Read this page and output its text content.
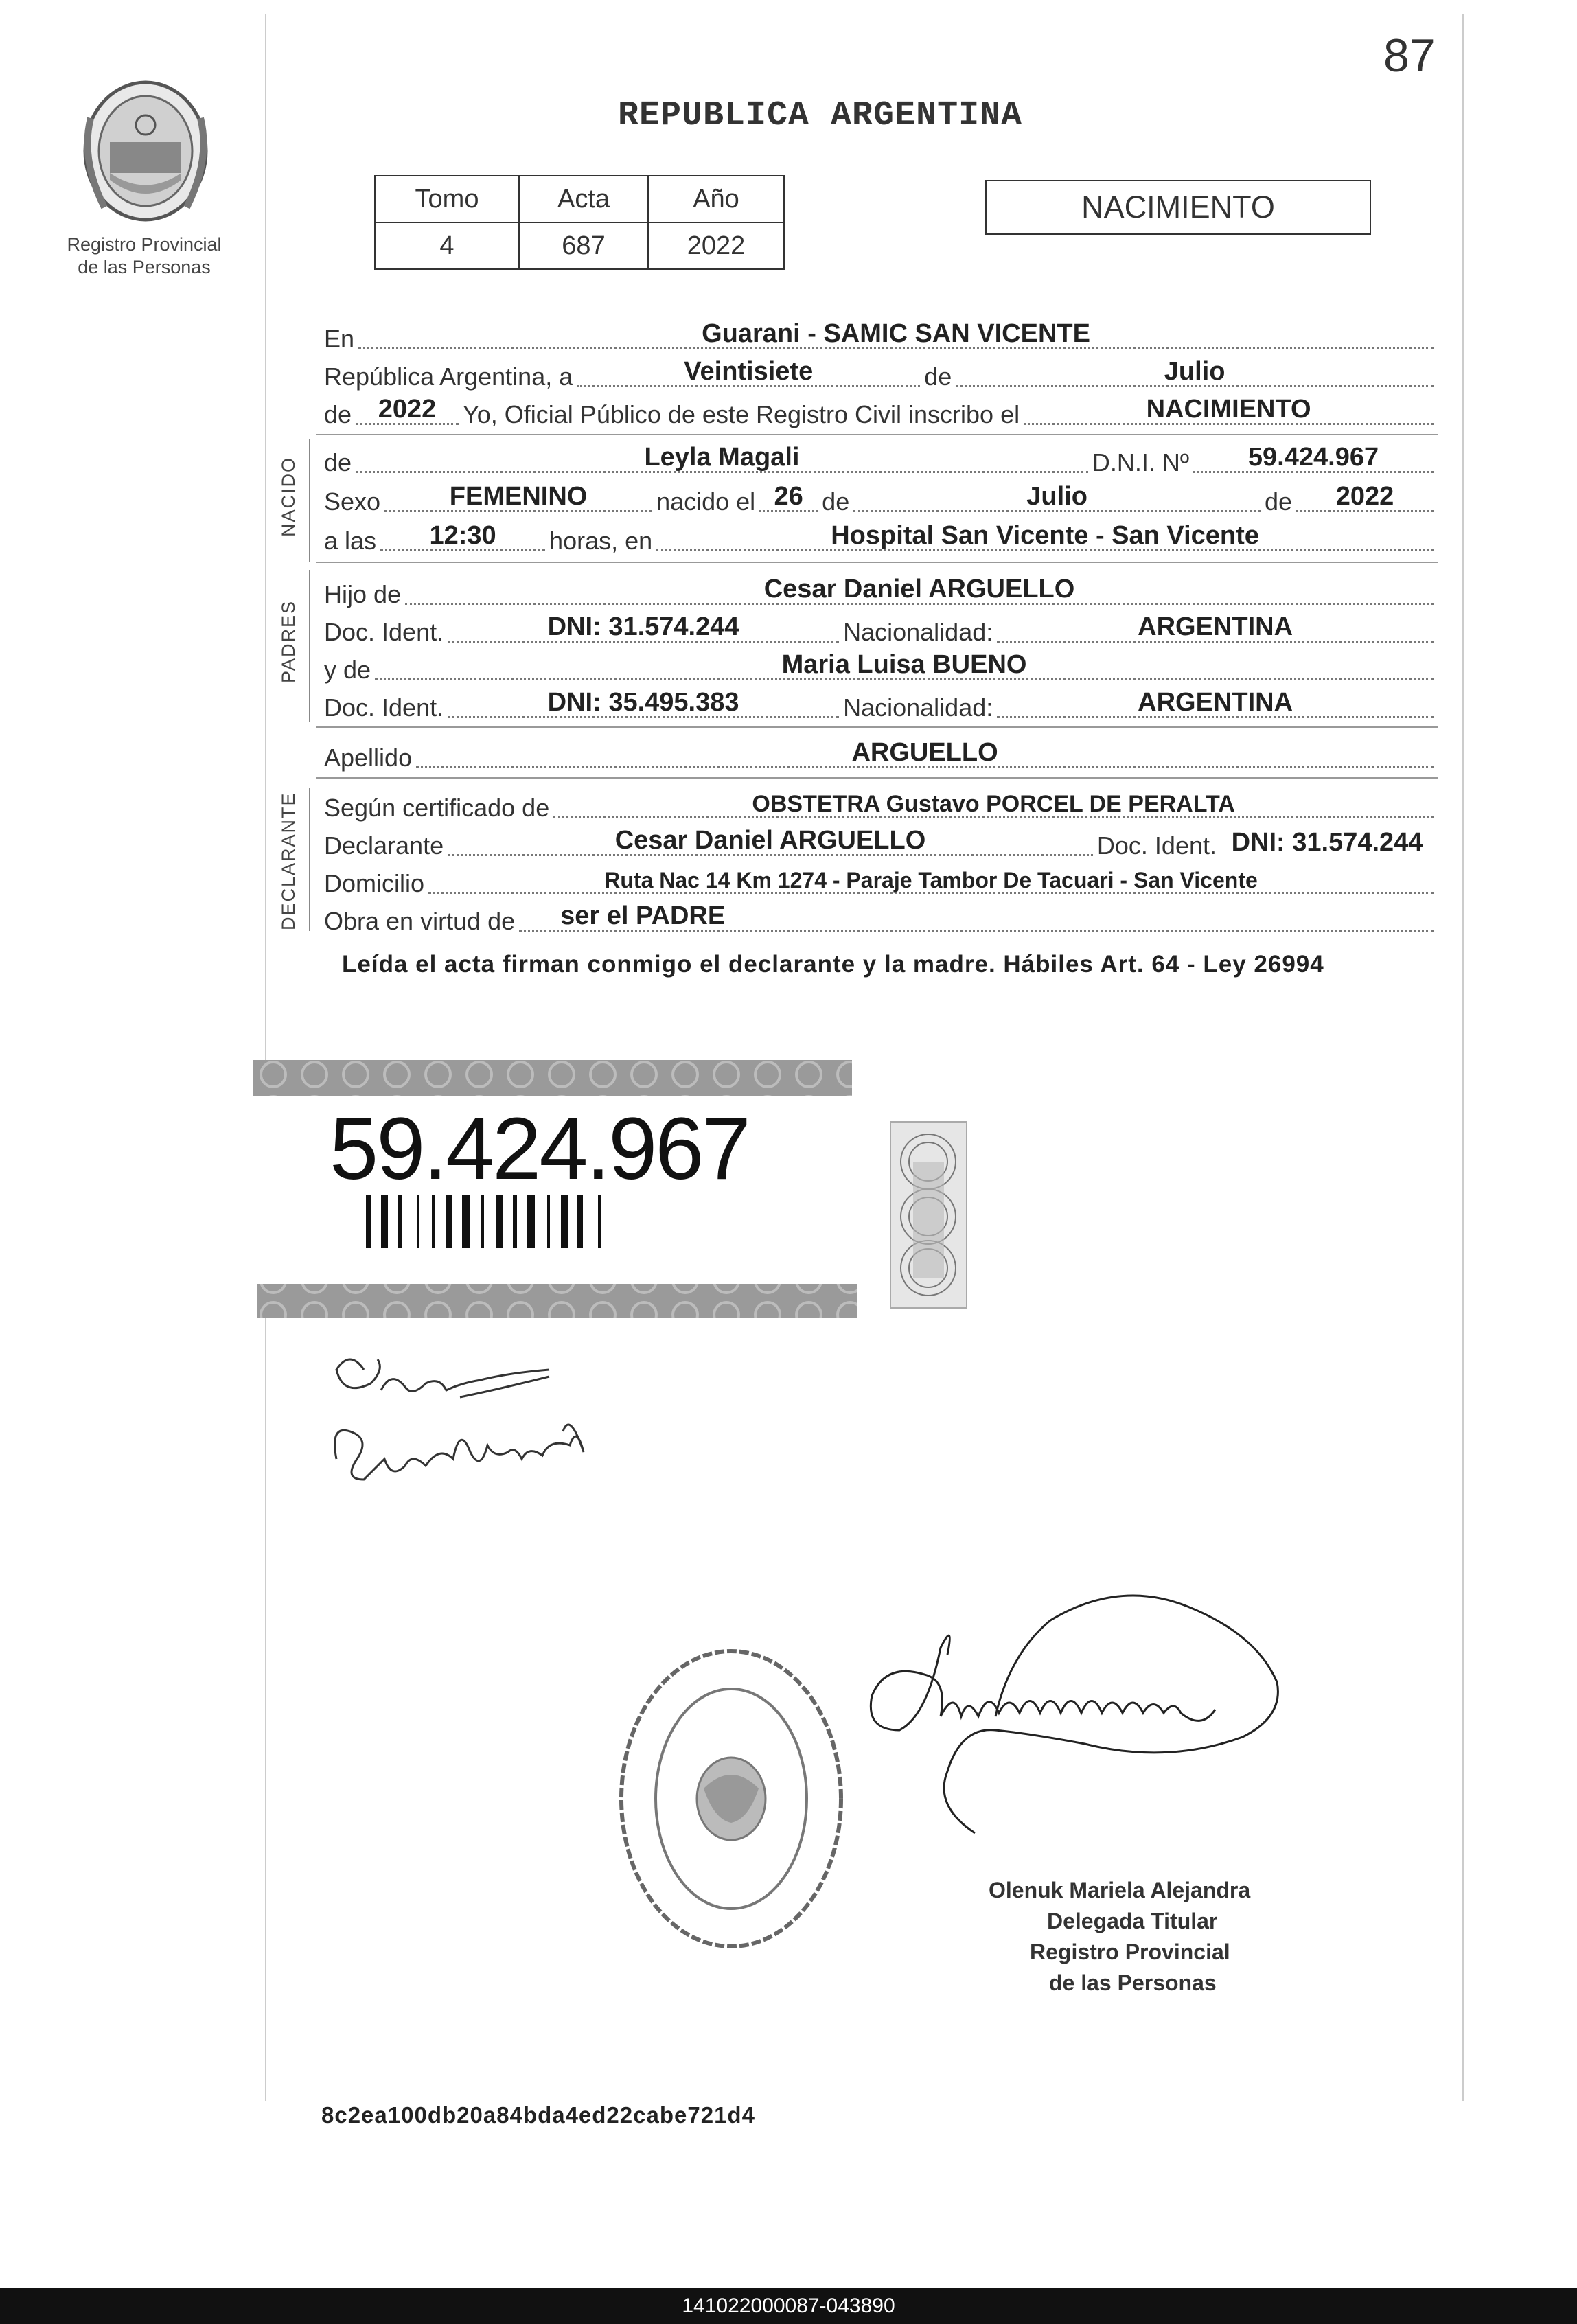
87
Registro Provincial
de las Personas
REPUBLICA ARGENTINA
Tomo	Acta	Año
4	687	2022
NACIMIENTO
En	Guarani - SAMIC SAN VICENTE
República Argentina, a	Veintisiete	de	Julio
de	2022	Yo, Oficial Público de este Registro Civil inscribo el	NACIMIENTO
NACIDO de	Leyla Magali	D.N.I. Nº	59.424.967
Sexo	FEMENINO	nacido el 26 de	Julio	de	2022
a las	12:30	horas, en	Hospital San Vicente - San Vicente
PADRES
Hijo de	Cesar Daniel ARGUELLO
Doc. Ident.	DNI: 31.574.244	Nacionalidad:	ARGENTINA
y de	Maria Luisa BUENO
Doc. Ident.	DNI: 35.495.383	Nacionalidad:	ARGENTINA
Apellido	ARGUELLO
DECLARANTE Según certificado de	OBSTETRA Gustavo PORCEL DE PERALTA
Declarante	Cesar Daniel ARGUELLO	Doc. Ident. DNI: 31.574.244
Domicilio	Ruta Nac 14 Km 1274 - Paraje Tambor De Tacuari - San Vicente
Obra en virtud de ser el PADRE
Leída el acta firman conmigo el declarante y la madre. Hábiles Art. 64 - Ley 26994
59.424.967
Olenuk Mariela Alejandra
Delegada Titular
Registro Provincial
de las Personas
8c2ea100db20a84bda4ed22cabe721d4
141022000087-043890
